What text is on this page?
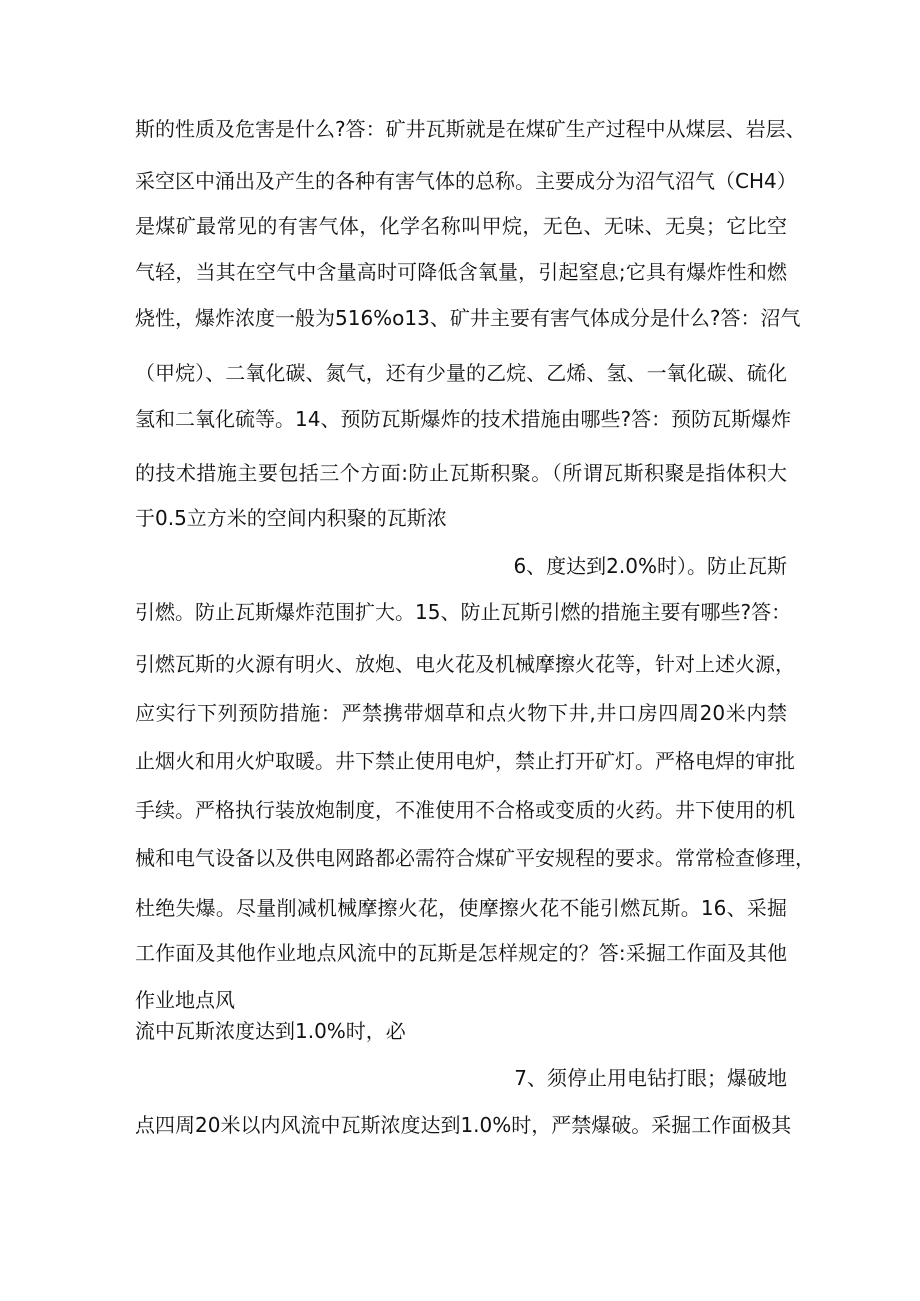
斯的性质及危害是什么?答：矿井瓦斯就是在煤矿生产过程中从煤层、岩层、
采空区中涌出及产生的各种有害气体的总称。主要成分为沼气沼气（CH4）
是煤矿最常见的有害气体，化学名称叫甲烷，无色、无味、无臭；它比空
气轻，当其在空气中含量高时可降低含氧量，引起窒息;它具有爆炸性和燃
烧性，爆炸浓度一般为516%o13、矿井主要有害气体成分是什么?答：沼气
（甲烷）、二氧化碳、氮气，还有少量的乙烷、乙烯、氢、一氧化碳、硫化
氢和二氧化硫等。14、预防瓦斯爆炸的技术措施由哪些?答：预防瓦斯爆炸
的技术措施主要包括三个方面:防止瓦斯积聚。（所谓瓦斯积聚是指体积大
于0.5立方米的空间内积聚的瓦斯浓
6、度达到2.0%时）。防止瓦斯
引燃。防止瓦斯爆炸范围扩大。15、防止瓦斯引燃的措施主要有哪些?答：
引燃瓦斯的火源有明火、放炮、电火花及机械摩擦火花等，针对上述火源，
应实行下列预防措施：严禁携带烟草和点火物下井,井口房四周20米内禁
止烟火和用火炉取暖。井下禁止使用电炉，禁止打开矿灯。严格电焊的审批
手续。严格执行装放炮制度，不准使用不合格或变质的火药。井下使用的机
械和电气设备以及供电网路都必需符合煤矿平安规程的要求。常常检查修理，
杜绝失爆。尽量削减机械摩擦火花，使摩擦火花不能引燃瓦斯。16、采掘
工作面及其他作业地点风流中的瓦斯是怎样规定的？答:采掘工作面及其他
作业地点风
流中瓦斯浓度达到1.0%时，必
7、须停止用电钻打眼；爆破地
点四周20米以内风流中瓦斯浓度达到1.0%时，严禁爆破。采掘工作面极其
